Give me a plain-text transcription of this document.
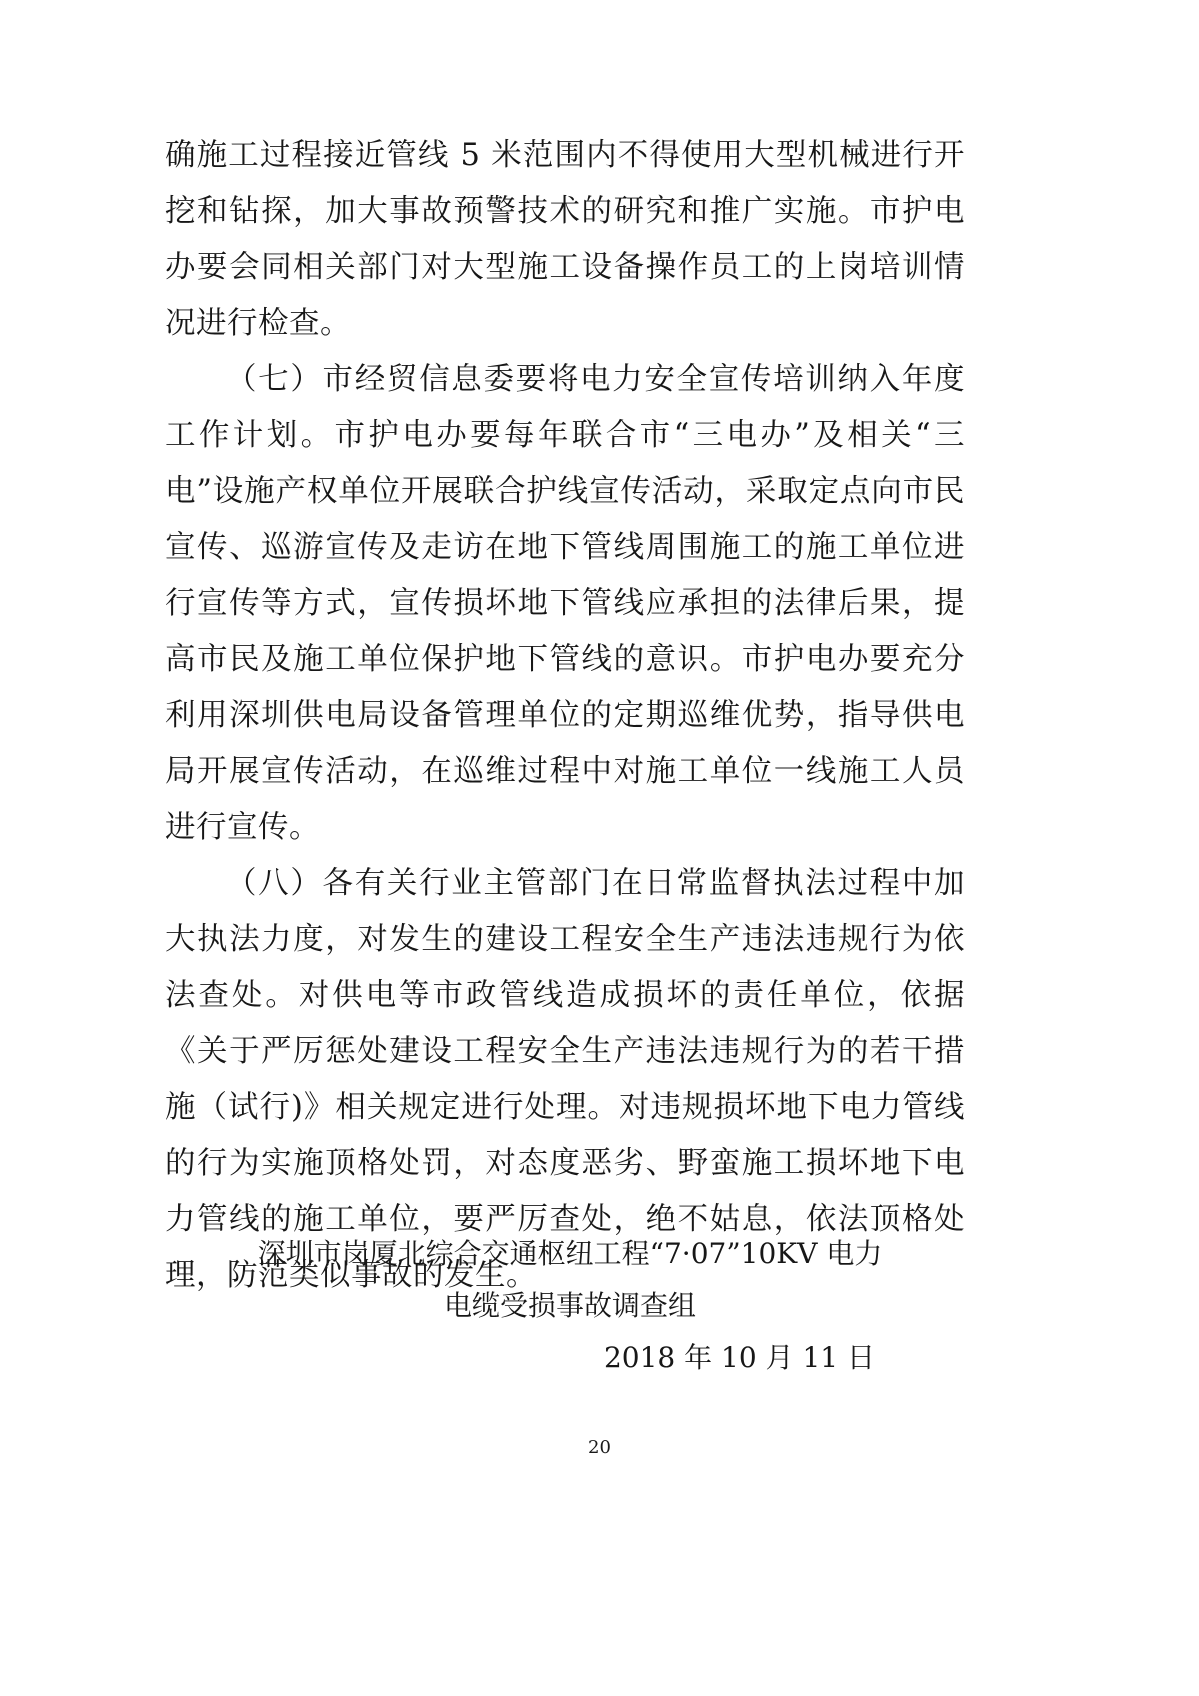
确施工过程接近管线 5 米范围内不得使用大型机械进行开挖和钻探，加大事故预警技术的研究和推广实施。市护电办要会同相关部门对大型施工设备操作员工的上岗培训情况进行检查。

（七）市经贸信息委要将电力安全宣传培训纳入年度工作计划。市护电办要每年联合市“三电办”及相关“三电”设施产权单位开展联合护线宣传活动，采取定点向市民宣传、巡游宣传及走访在地下管线周围施工的施工单位进行宣传等方式，宣传损坏地下管线应承担的法律后果，提高市民及施工单位保护地下管线的意识。市护电办要充分利用深圳供电局设备管理单位的定期巡维优势，指导供电局开展宣传活动，在巡维过程中对施工单位一线施工人员进行宣传。

（八）各有关行业主管部门在日常监督执法过程中加大执法力度，对发生的建设工程安全生产违法违规行为依法查处。对供电等市政管线造成损坏的责任单位，依据《关于严厉惩处建设工程安全生产违法违规行为的若干措施（试行)》相关规定进行处理。对违规损坏地下电力管线的行为实施顶格处罚，对态度恶劣、野蛮施工损坏地下电力管线的施工单位，要严厉查处，绝不姑息，依法顶格处理，防范类似事故的发生。

深圳市岗厦北综合交通枢纽工程“7·07”10KV 电力
电缆受损事故调查组
2018 年 10 月 11 日
20
